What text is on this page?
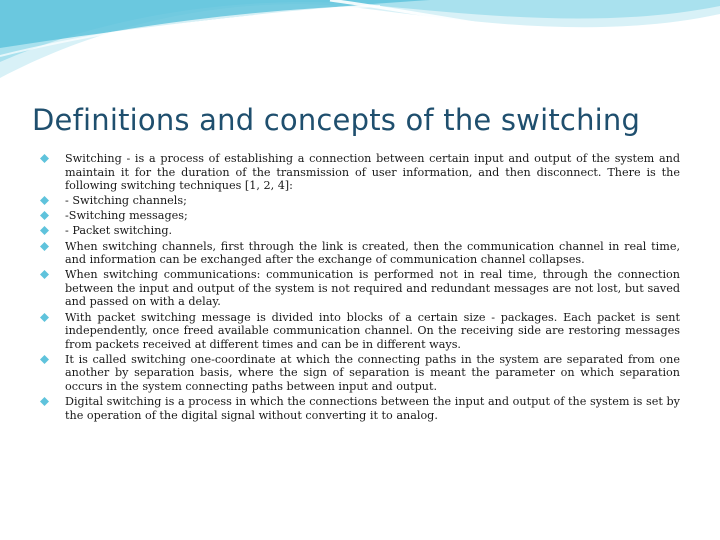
Definitions and concepts of the switching
Switching - is a process of establishing a connection between certain input and output of the system and maintain it for the duration of the transmission of user information, and then disconnect. There is the following switching techniques [1, 2, 4]:
- Switching channels;
-Switching messages;
- Packet switching.
When switching channels, first through the link is created, then the communication channel in real time, and information can be exchanged after the exchange of communication channel collapses.
When switching communications: communication is performed not in real time, through the connection between the input and output of the system is not required and redundant messages are not lost, but saved and passed on with a delay.
With packet switching message is divided into blocks of a certain size - packages. Each packet is sent independently, once freed available communication channel. On the receiving side are restoring messages from packets received at different times and can be in different ways.
It is called switching one-coordinate at which the connecting paths in the system are separated from one another by separation basis, where the sign of separation is meant the parameter on which separation occurs in the system connecting paths between input and output.
Digital switching is a process in which the connections between the input and output of the system is set by the operation of the digital signal without converting it to analog.
